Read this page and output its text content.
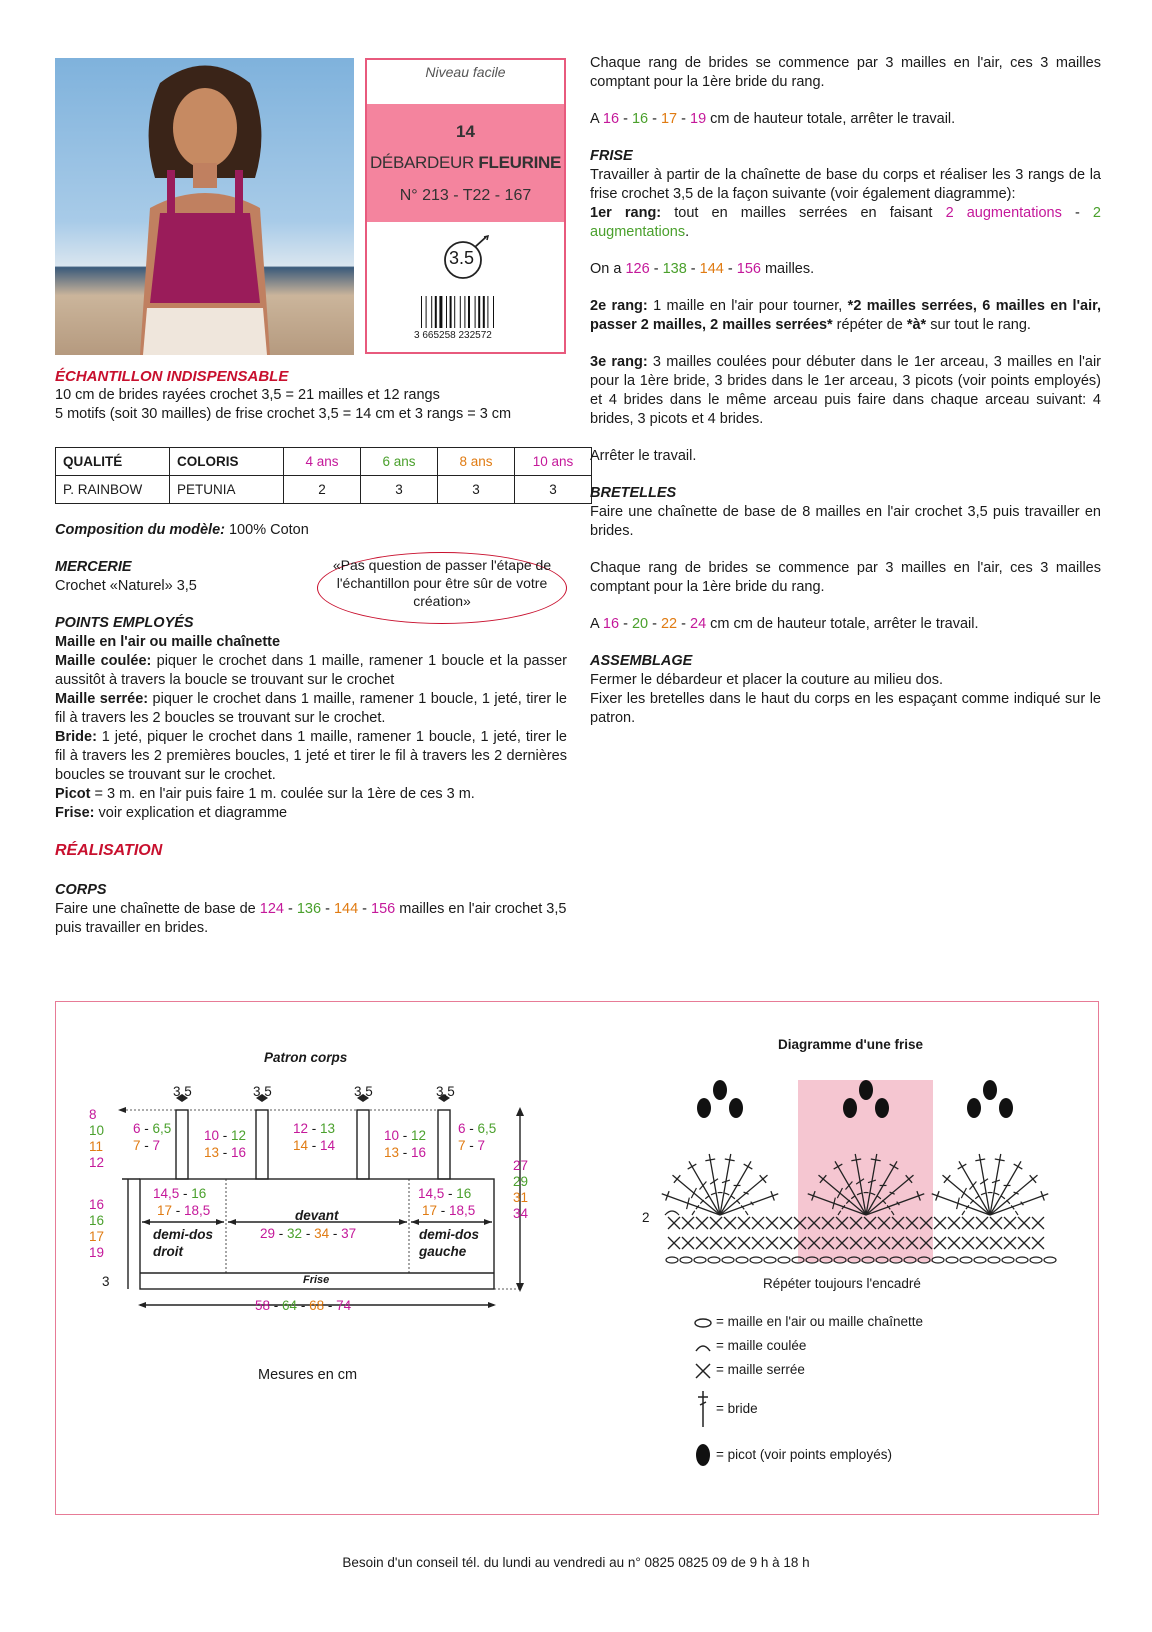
Niveau facile
14
DÉBARDEUR FLEURINE
N° 213 - T22 - 167
3.5
3 665258 232572
ÉCHANTILLON INDISPENSABLE
10 cm de brides rayées crochet 3,5 = 21 mailles et 12 rangs
5 motifs (soit 30 mailles) de frise crochet 3,5 = 14 cm et 3 rangs = 3 cm
QUALITÉ	COLORIS	4 ans	6 ans	8 ans	10 ans
P. RAINBOW	PETUNIA	2	3	3	3
Composition du modèle: 100% Coton
MERCERIE
Crochet «Naturel» 3,5
«Pas question de passer l'étape de l'échantillon pour être sûr de votre création»
POINTS EMPLOYÉS

Maille en l'air ou maille chaînette

Maille coulée: piquer le crochet dans 1 maille, ramener 1 boucle et la passer aussitôt à travers la boucle se trouvant sur le crochet

Maille serrée: piquer le crochet dans 1 maille, ramener 1 boucle, 1 jeté, tirer le fil à travers les 2 boucles se trouvant sur le crochet.

Bride: 1 jeté, piquer le crochet dans 1 maille, ramener 1 boucle, 1 jeté, tirer le fil à travers les 2 premières boucles, 1 jeté et tirer le fil à travers les 2 dernières boucles se trouvant sur le crochet.

Picot = 3 m. en l'air puis faire 1 m. coulée sur la 1ère de ces 3 m.

Frise: voir explication et diagramme

RÉALISATION
CORPS
Faire une chaînette de base de 124 - 136 - 144 - 156 mailles en l'air crochet 3,5 puis travailler en brides.

Chaque rang de brides se commence par 3 mailles en l'air, ces 3 mailles comptant pour la 1ère bride du rang.

A 16 - 16 - 17 - 19 cm de hauteur totale, arrêter le travail.

FRISE

Travailler à partir de la chaînette de base du corps et réaliser les 3 rangs de la frise crochet 3,5 de la façon suivante (voir également diagramme):

1er rang: tout en mailles serrées en faisant 2 augmentations - 2 augmentations.

On a 126 - 138 - 144 - 156 mailles.

2e rang: 1 maille en l'air pour tourner, *2 mailles serrées, 6 mailles en l'air, passer 2 mailles, 2 mailles serrées* répéter de *à* sur tout le rang.

3e rang: 3 mailles coulées pour débuter dans le 1er arceau, 3 mailles en l'air pour la 1ère bride, 3 brides dans le 1er arceau, 3 picots (voir points employés) et 4 brides dans le même arceau puis faire dans chaque arceau suivant: 4 brides, 3 picots et 4 brides.

Arrêter le travail.

BRETELLES

Faire une chaînette de base de 8 mailles en l'air crochet 3,5 puis travailler en brides.

Chaque rang de brides se commence par 3 mailles en l'air, ces 3 mailles comptant pour la 1ère bride du rang.

A 16 - 20 - 22 - 24 cm cm de hauteur totale, arrêter le travail.

ASSEMBLAGE

Fermer le débardeur et placer la couture au milieu dos.

Fixer les bretelles dans le haut du corps en les espaçant comme indiqué sur le patron.

Patron corps
3,5	3,5	3,5	3,5
8
10
11
12
16
16
17
19
27
29
31
34
3
6 - 6,5
7 - 7
10 - 12
13 - 16
12 - 13
14 - 14
10 - 12
13 - 16
6 - 6,5
7 - 7
14,5 - 16
17 - 18,5
14,5 - 16
17 - 18,5
devant
29 - 32 - 34 - 37
demi-dos droit
demi-dos gauche
Frise
58 - 64 - 68 - 74
Mesures en cm
Diagramme d'une frise
2
Répéter toujours l'encadré
= maille en l'air ou maille chaînette
= maille coulée
= maille serrée
= bride
= picot (voir points employés)
Besoin d'un conseil tél. du lundi au vendredi au n° 0825 0825 09 de 9 h à 18 h
